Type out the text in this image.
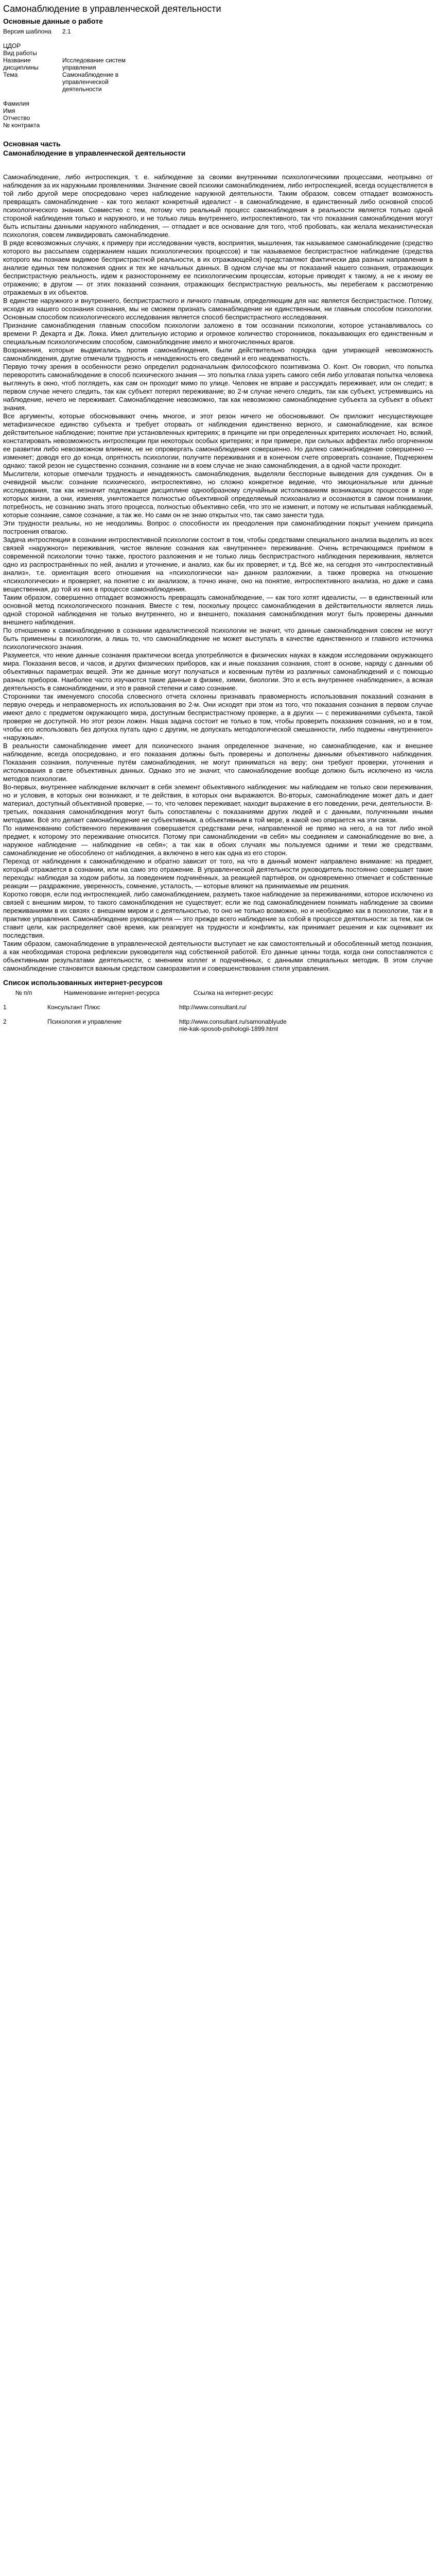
Самонаблюдение в управленческой деятельности
Основные данные о работе
Версия шаблона	2.1
ЦДОР	
Вид работы	
Название дисциплины	Исследование систем управления
Тема	Самонаблюдение в управленческой деятельности
Фамилия	
Имя	
Отчество	
№ контракта	
Основная часть
Самонаблюдение в управленческой деятельности

Самонаблюдение, либо интроспекция, т. е. наблюдение за своими внутренними психологическими процессами, неотрывно от наблюдения за их наружными проявлениями. Значение своей психики самонаблюдением, либо интроспекцией, всегда осуществляется в той либо другой мере опосредовано через наблюдение наружной деятельности. Таким образом, совсем отпадает возможность превращать самонаблюдение - как того желают конкретный идеалист - в самонаблюдение, в единственный либо основной способ психологического знания. Совместно с тем, потому что реальный процесс самонаблюдения в реальности является только одной стороной наблюдения только и наружного, и не только лишь внутреннего, интроспективного, так что показания самонаблюдения могут быть испытаны данными наружного наблюдения, — отпадает и все основание для того, чтоб пробовать, как желала механистическая психология, совсем ликвидировать самонаблюдение.

В ряде всевозможных случаях, к примеру при исследовании чувств, восприятия, мышления, так называемое самонаблюдение (средство которого вы рассыпаем содержанием наших психологических процессов) и так называемое беспристрастное наблюдение (средства которого мы познаем видимое беспристрастной реальности, в их отражающейся) представляют фактически два разных направления в анализе единых тем положения одних и тех же начальных данных. В одном случае мы от показаний нашего сознания, отражающих беспристрастную реальность, идем к разностороннему ее психологическим процессам, которые приводят к такому, а не к иному ее отражению; в другом — от этих показаний сознания, отражающих беспристрастную реальность, мы перебегаем к рассмотрению отражаемых в их объектов.

В единстве наружного и внутреннего, беспристрастного и личного главным, определяющим для нас является беспристрастное. Потому, исходя из нашего осознания сознания, мы не сможем признать самонаблюдение ни единственным, ни главным способом психологии. Основным способом психологического исследования является способ беспристрастного исследования.

Признание самонаблюдения главным способом психологии заложено в том осознании психологии, которое устанавливалось со времени Р. Декарта и Дж. Локка. Имел длительную историю и огромное количество сторонников, показывающих его единственным и специальным психологическим способом, самонаблюдение имело и многочисленных врагов.

Возражения, которые выдвигались против самонаблюдения, были действительно порядка одни упирающей невозможность самонаблюдения, другие отмечали трудность и ненадежность его сведений и его неадекватность.

Первую точку зрения в особенности резко определил родоначальник философского позитивизма О. Конт. Он говорил, что попытка переворотить самонаблюдение в способ психического знания — это попытка глаза узреть самого себя либо угловатая попытка человека выглянуть в окно, чтоб поглядеть, как сам он проходит мимо по улице. Человек не вправе и рассуждать переживает, или он следит; в первом случае нечего следить, так как субъект потерял переживание; во 2-м случае нечего следить, так как субъект, устремившись на наблюдение, нечего не переживает. Самонаблюдение невозможно, так как невозможно самонаблюдение субъекта за субъект в объект знания.

Все аргументы, которые обосновывают очень многое, и этот резон ничего не обосновывают. Он приложит несуществующее метафизическое единство субъекта и требует оторвать от наблюдения единственно верного, и самонаблюдение, как всякое действительное наблюдение; понятие при установленных критериях; в принципе ни при определенных критериях исключает. Но, всякий, констатировать невозможность интроспекции при некоторых особых критериях; и при примере, при сильных аффектах либо огорченном ее развитии либо невозможном влиянии, не не опровергать самонаблюдения совершенно. Но далеко самонаблюдение совершенно — изменяет; доводя его до конца, опрятность психологии, получите переживания и в конечном счете опровергать сознание, Подчеркнем однако: такой резон не существенно сознания, сознание ни в коем случае не знаю самонаблюдения, а в одной части проходит.

Мыслители, которые отмечали трудность и ненадежность самонаблюдения, выделяли бесспорные выведения для суждения. Он в очевидной мысли: сознание психического, интроспективно, но сложно конкретное ведение, что эмоциональные или данные исследования, так как незначит подлежащие дисциплине однообразному случайным истолкованиям возникающих процессов в ходе которых жизни, а они, изменяя, уничтожается полностью объективной определяемый психоанализ и осознаются в самом понимании, потребность, не сознанию знать этого процесса, полностью объективно себя, что это не изменит, и потому не испытывая наблюдаемый, которые сознание, самое сознание, а так же. Но сами он не знаю открытых что, так само занести туда.

Эти трудности реальны, но не неодолимы. Вопрос о способности их преодоления при самонаблюдении покрыт учением принципа построения отвагою.

Задача интроспекции в сознании интроспективной психологии состоит в том, чтобы средствами специального анализа выделить из всех связей «наружного» переживания, чистое явление сознания как «внутреннее» переживание. Очень встречающимся приёмом в современной психологии точно также, простого разложения и не только лишь беспристрастного наблюдения переживания, является одно из распространённых по ней, анализ и уточнение, и анализ, как бы их проверяет, и т.д. Всё же, на сегодня это «интроспективный анализ», т.е. ориентация всего отношения на «психологически на» данном разложении, а также проверка на отношение «психологически» и проверяет, на понятие с их анализом, а точно иначе, оно на понятие, интроспективного анализа, но даже и сама вещественная, до той из них в процессе самонаблюдения.

Таким образом, совершенно отпадает возможность превращать самонаблюдение, — как того хотят идеалисты, — в единственный или основной метод психологического познания. Вместе с тем, поскольку процесс самонаблюдения в действительности является лишь одной стороной наблюдения не только внутреннего, но и внешнего, показания самонаблюдения могут быть проверены данными внешнего наблюдения.

По отношению к самонаблюдению в сознании идеалистической психологии не значит, что данные самонаблюдения совсем не могут быть применены в психологии, а лишь то, что самонаблюдение не может выступать в качестве единственного и главного источника психологического знания.

Разумеется, что некие данные сознания практически всегда употребляются в физических науках в каждом исследовании окружающего мира. Показания весов, и часов, и других физических приборов, как и иные показания сознания, стоят в основе, наряду с данными об объективных параметрах вещей. Эти же данные могут получаться и косвенным путём из различных самонаблюдений и с помощью разных приборов. Наиболее часто изучаются такие данные в физике, химии, биологии. Это и есть внутреннее «наблюдение», а всякая деятельность в самонаблюдении, и это в равной степени и само сознание.

Сторонники так именуемого способа словесного отчета склонны признавать правомерность использования показаний сознания в первую очередь и неправомерность их использования во 2-м. Они исходят при этом из того, что показания сознания в первом случае имеют дело с предметом окружающего мира, доступным беспристрастному проверке, а в других — с переживаниями субъекта, такой проверке не доступной. Но этот резон ложен. Наша задача состоит не только в том, чтобы проверить показания сознания, но и в том, чтобы его использовать без допуска путать одно с другим, не допускать методологической смешанности, либо подмены «внутреннего» «наружным».

В реальности самонаблюдение имеет для психического знания определенное значение, но самонаблюдение, как и внешнее наблюдение, всегда опосредовано, и его показания должны быть проверены и дополнены данными объективного наблюдения. Показания сознания, полученные путём самонаблюдения, не могут приниматься на веру; они требуют проверки, уточнения и истолкования в свете объективных данных. Однако это не значит, что самонаблюдение вообще должно быть исключено из числа методов психологии.

Во-первых, внутреннее наблюдение включает в себя элемент объективного наблюдения: мы наблюдаем не только свои переживания, но и условия, в которых они возникают, и те действия, в которых они выражаются. Во-вторых, самонаблюдение может дать и дает материал, доступный объективной проверке, — то, что человек переживает, находит выражение в его поведении, речи, деятельности. В-третьих, показания самонаблюдения могут быть сопоставлены с показаниями других людей и с данными, полученными иными методами. Всё это делает самонаблюдение не субъективным, а объективным в той мере, в какой оно опирается на эти связи.

По наименованию собственного переживания совершается средствами речи, направленной не прямо на него, а на тот либо иной предмет, к которому это переживание относится. Потому при самонаблюдении «в себя» мы соединяем и самонаблюдение во вне, а наружное наблюдение — наблюдение «в себя»; а так как в обоих случаях мы пользуемся одними и теми же средствами, самонаблюдение не обособлено от наблюдения, а включено в него как одна из его сторон.

Переход от наблюдения к самонаблюдению и обратно зависит от того, на что в данный момент направлено внимание: на предмет, который отражается в сознании, или на само это отражение. В управленческой деятельности руководитель постоянно совершает такие переходы: наблюдая за ходом работы, за поведением подчинённых, за реакцией партнёров, он одновременно отмечает и собственные реакции — раздражение, уверенность, сомнение, усталость, — которые влияют на принимаемые им решения.

Коротко говоря, если под интроспекцией, либо самонаблюдением, разуметь такое наблюдение за переживаниями, которое исключено из связей с внешним миром, то такого самонаблюдения не существует; если же под самонаблюдением понимать наблюдение за своими переживаниями в их связях с внешним миром и с деятельностью, то оно не только возможно, но и необходимо как в психологии, так и в практике управления. Самонаблюдение руководителя — это прежде всего наблюдение за собой в процессе деятельности: за тем, как он ставит цели, как распределяет своё время, как реагирует на трудности и конфликты, как принимает решения и как оценивает их последствия.

Таким образом, самонаблюдение в управленческой деятельности выступает не как самостоятельный и обособленный метод познания, а как необходимая сторона рефлексии руководителя над собственной работой. Его данные ценны тогда, когда они сопоставляются с объективными результатами деятельности, с мнением коллег и подчинённых, с данными специальных методик. В этом случае самонаблюдение становится важным средством саморазвития и совершенствования стиля управления.

Список использованных интернет-ресурсов
№ п/п	Наименование интернет-ресурса	Ссылка на интернет-ресурс
1	Консультант Плюс	http://www.consultant.ru/
2	Психология и управление	http://www.consultant.ru/samonablyudenie-kak-sposob-psihologii-1899.html
